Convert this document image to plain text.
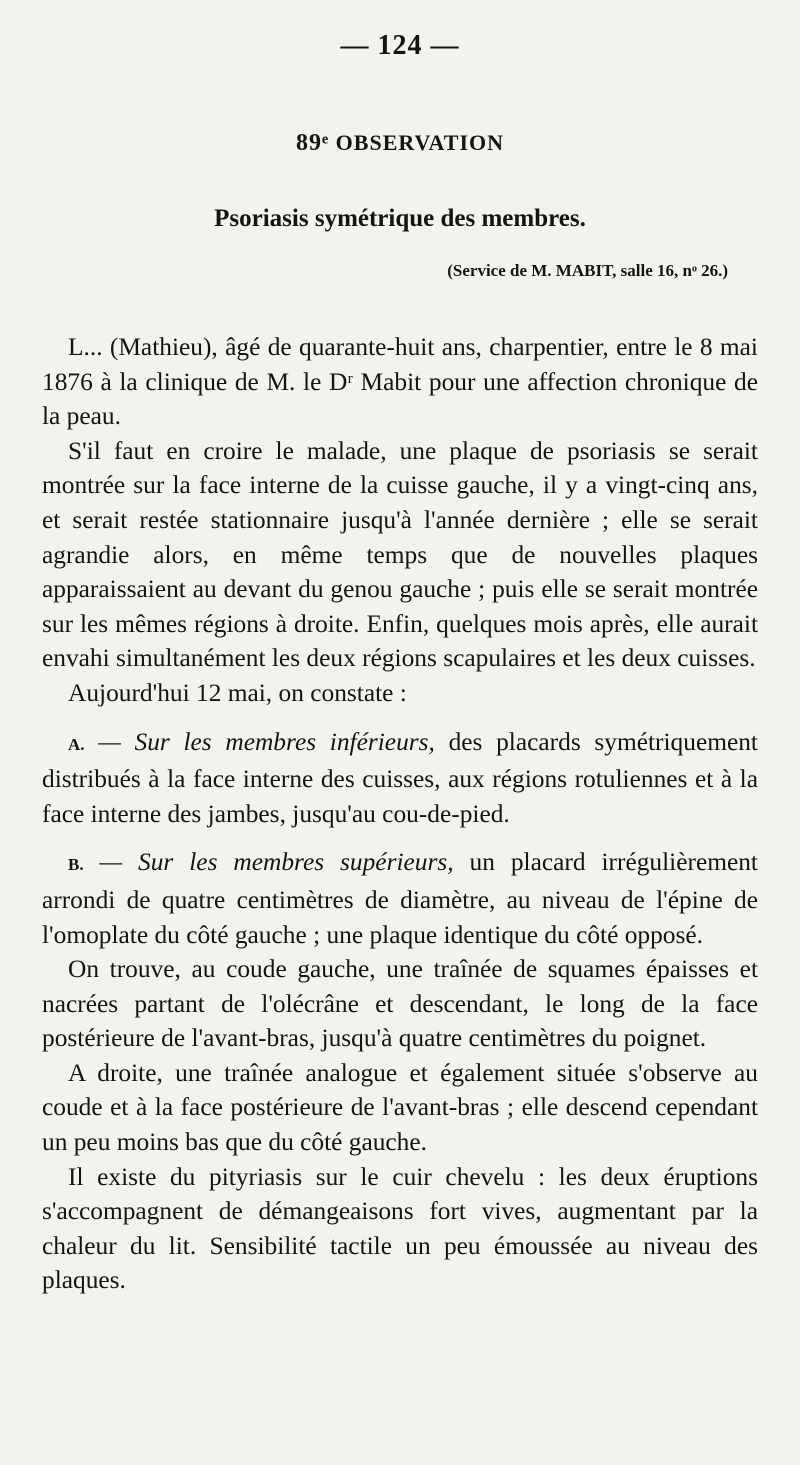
— 124 —
89ᵉ OBSERVATION
Psoriasis symétrique des membres.
(Service de M. MABIT, salle 16, nᵒ 26.)

L... (Mathieu), âgé de quarante-huit ans, charpentier, entre le 8 mai 1876 à la clinique de M. le Dʳ Mabit pour une affection chronique de la peau.

S'il faut en croire le malade, une plaque de psoriasis se serait montrée sur la face interne de la cuisse gauche, il y a vingt-cinq ans, et serait restée stationnaire jusqu'à l'année dernière ; elle se serait agrandie alors, en même temps que de nouvelles plaques apparaissaient au devant du genou gauche ; puis elle se serait montrée sur les mêmes régions à droite. Enfin, quelques mois après, elle aurait envahi simultanément les deux régions scapulaires et les deux cuisses.

Aujourd'hui 12 mai, on constate :

A. — Sur les membres inférieurs, des placards symétriquement distribués à la face interne des cuisses, aux régions rotuliennes et à la face interne des jambes, jusqu'au cou-de-pied.

B. — Sur les membres supérieurs, un placard irrégulièrement arrondi de quatre centimètres de diamètre, au niveau de l'épine de l'omoplate du côté gauche ; une plaque identique du côté opposé.

On trouve, au coude gauche, une traînée de squames épaisses et nacrées partant de l'olécrâne et descendant, le long de la face postérieure de l'avant-bras, jusqu'à quatre centimètres du poignet.

A droite, une traînée analogue et également située s'observe au coude et à la face postérieure de l'avant-bras ; elle descend cependant un peu moins bas que du côté gauche.

Il existe du pityriasis sur le cuir chevelu : les deux éruptions s'accompagnent de démangeaisons fort vives, augmentant par la chaleur du lit. Sensibilité tactile un peu émoussée au niveau des plaques.
